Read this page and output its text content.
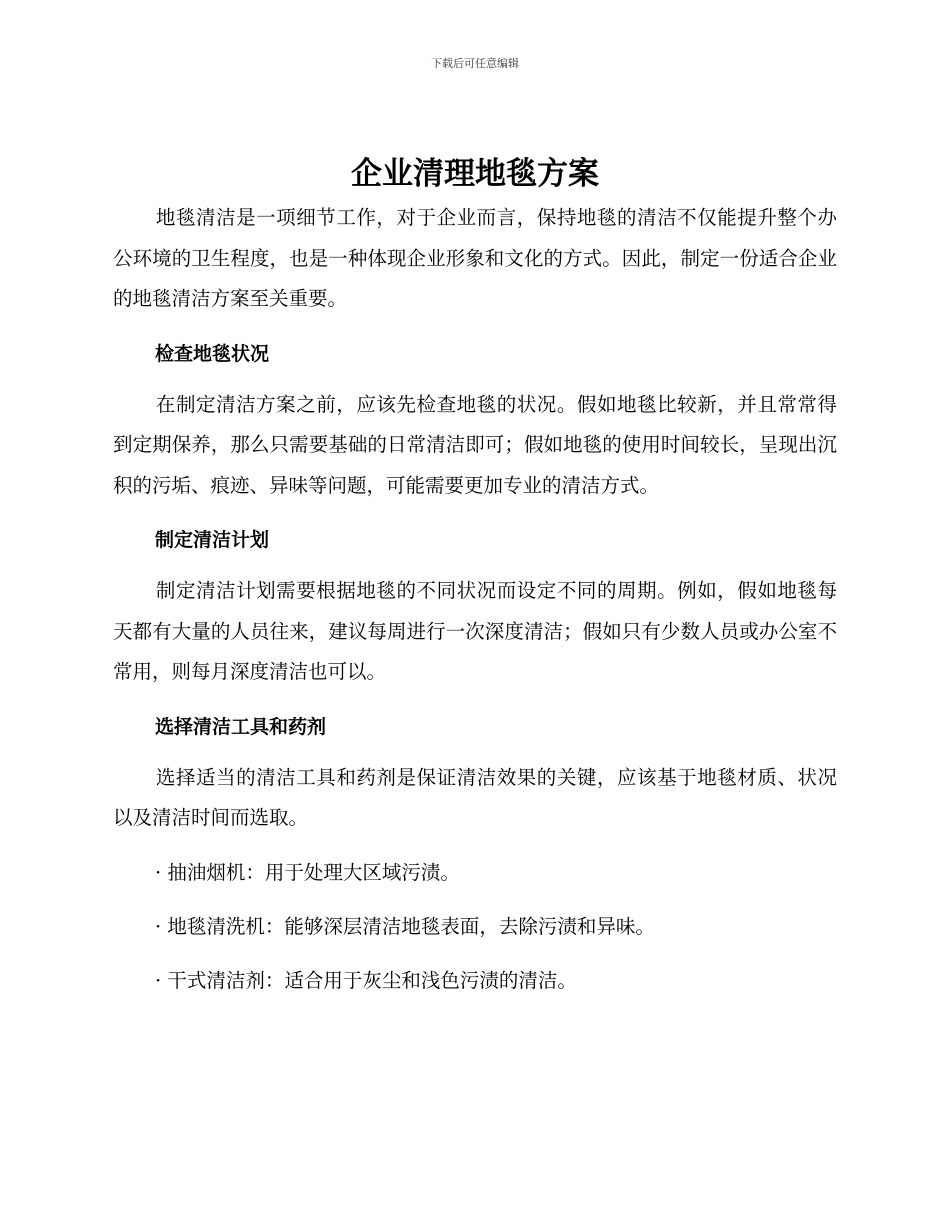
下载后可任意编辑
企业清理地毯方案

地毯清洁是一项细节工作，对于企业而言，保持地毯的清洁不仅能提升整个办公环境的卫生程度，也是一种体现企业形象和文化的方式。因此，制定一份适合企业的地毯清洁方案至关重要。

检查地毯状况

在制定清洁方案之前，应该先检查地毯的状况。假如地毯比较新，并且常常得到定期保养，那么只需要基础的日常清洁即可；假如地毯的使用时间较长，呈现出沉积的污垢、痕迹、异味等问题，可能需要更加专业的清洁方式。

制定清洁计划

制定清洁计划需要根据地毯的不同状况而设定不同的周期。例如，假如地毯每天都有大量的人员往来，建议每周进行一次深度清洁；假如只有少数人员或办公室不常用，则每月深度清洁也可以。

选择清洁工具和药剂

选择适当的清洁工具和药剂是保证清洁效果的关键，应该基于地毯材质、状况以及清洁时间而选取。

· 抽油烟机：用于处理大区域污渍。

· 地毯清洗机：能够深层清洁地毯表面，去除污渍和异味。

· 干式清洁剂：适合用于灰尘和浅色污渍的清洁。
